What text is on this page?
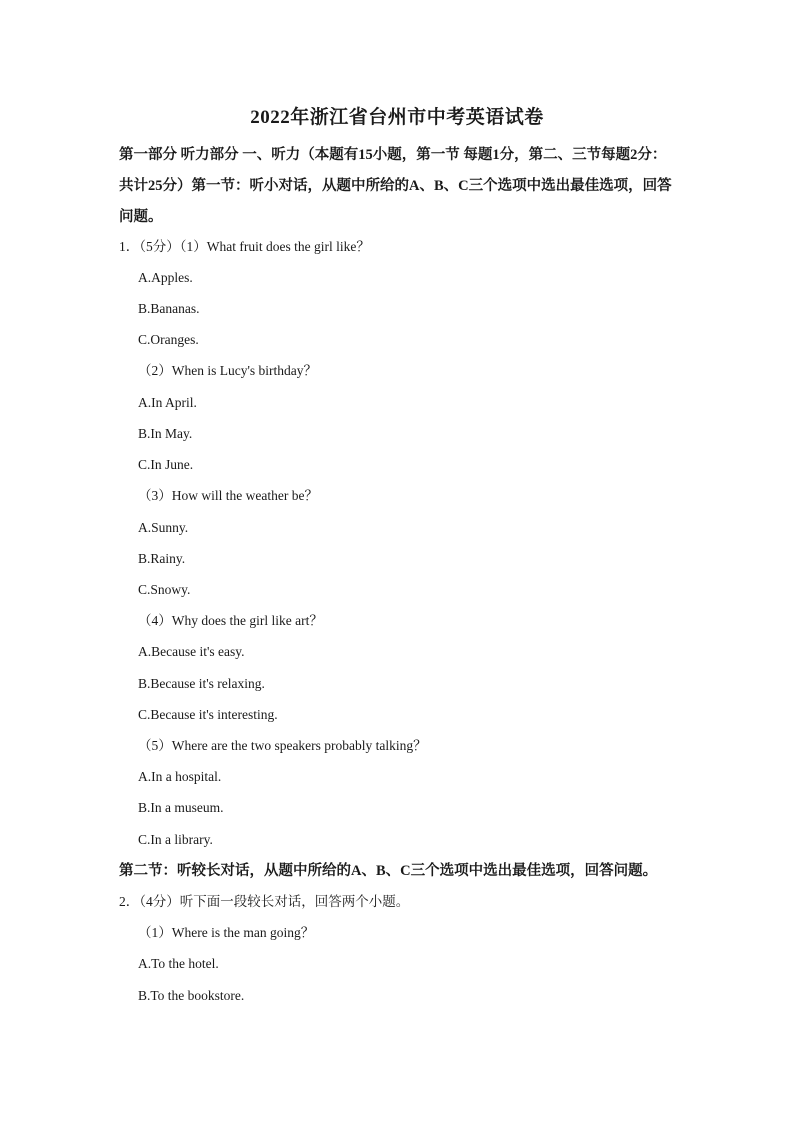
2022年浙江省台州市中考英语试卷
第一部分 听力部分 一、听力（本题有15小题，第一节 每题1分，第二、三节每题2分：共计25分）第一节：听小对话，从题中所给的A、B、C三个选项中选出最佳选项，回答问题。
1．（5分）（1）What fruit does the girl like？
A.Apples.
B.Bananas.
C.Oranges.
（2）When is Lucy's birthday？
A.In April.
B.In May.
C.In June.
（3）How will the weather be？
A.Sunny.
B.Rainy.
C.Snowy.
（4）Why does the girl like art？
A.Because it's easy.
B.Because it's relaxing.
C.Because it's interesting.
（5）Where are the two speakers probably talking？
A.In a hospital.
B.In a museum.
C.In a library.
第二节：听较长对话，从题中所给的A、B、C三个选项中选出最佳选项，回答问题。
2．（4分）听下面一段较长对话，回答两个小题。
（1）Where is the man going？
A.To the hotel.
B.To the bookstore.
